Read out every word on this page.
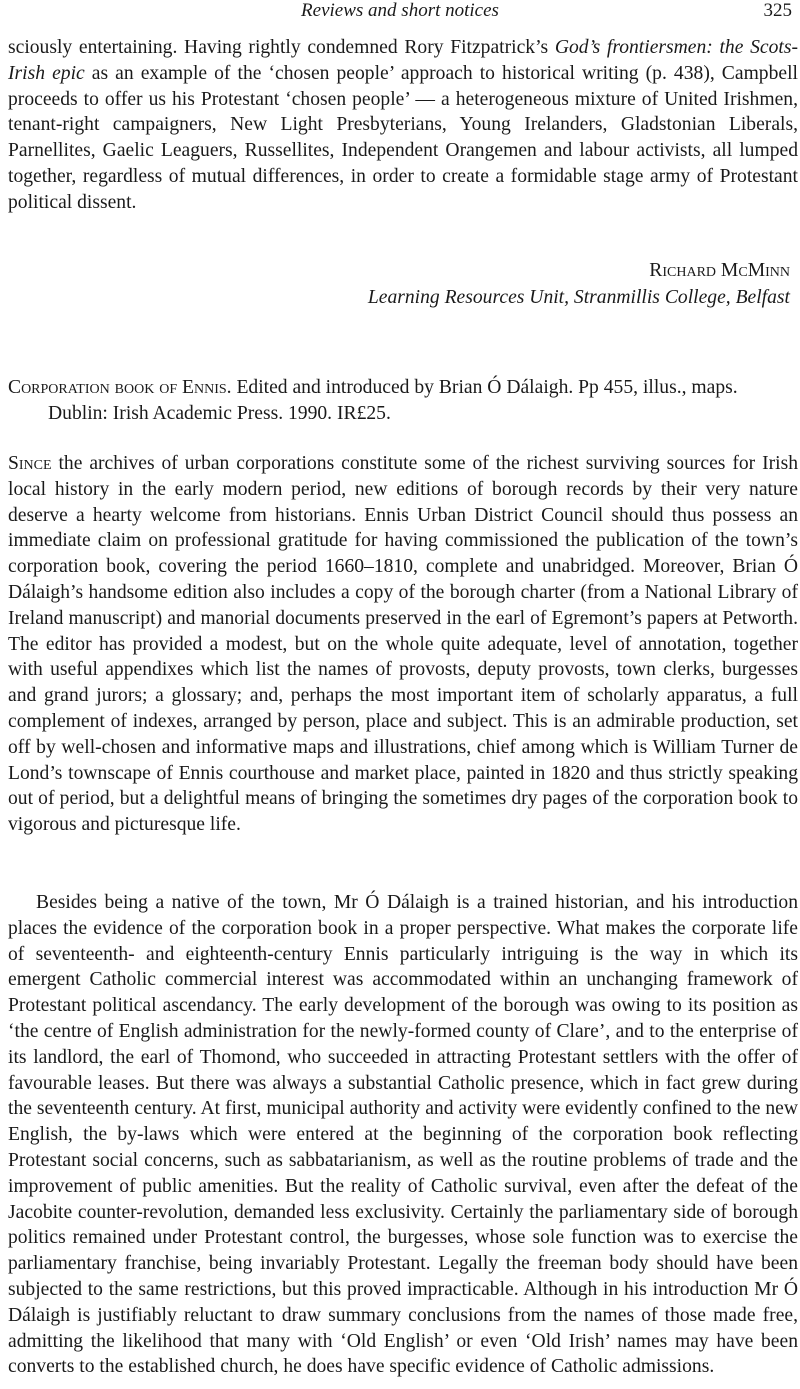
Reviews and short notices	325

sciously entertaining. Having rightly condemned Rory Fitzpatrick’s God’s frontiersmen: the Scots-Irish epic as an example of the ‘chosen people’ approach to historical writing (p. 438), Campbell proceeds to offer us his Protestant ‘chosen people’ — a heterogeneous mixture of United Irishmen, tenant-right campaigners, New Light Presbyterians, Young Irelanders, Gladstonian Liberals, Parnellites, Gaelic Leaguers, Russellites, Independent Orangemen and labour activists, all lumped together, regardless of mutual differences, in order to create a formidable stage army of Protestant political dissent.

Richard McMinn
Learning Resources Unit, Stranmillis College, Belfast

Corporation book of Ennis. Edited and introduced by Brian Ó Dálaigh. Pp 455, illus., maps. Dublin: Irish Academic Press. 1990. IR£25.

Since the archives of urban corporations constitute some of the richest surviving sources for Irish local history in the early modern period, new editions of borough records by their very nature deserve a hearty welcome from historians. Ennis Urban District Council should thus possess an immediate claim on professional gratitude for having commissioned the publication of the town’s corporation book, covering the period 1660–1810, complete and unabridged. Moreover, Brian Ó Dálaigh’s handsome edition also includes a copy of the borough charter (from a National Library of Ireland manuscript) and manorial documents preserved in the earl of Egremont’s papers at Petworth. The editor has provided a modest, but on the whole quite adequate, level of annotation, together with useful appendixes which list the names of provosts, deputy provosts, town clerks, burgesses and grand jurors; a glossary; and, perhaps the most important item of scholarly apparatus, a full complement of indexes, arranged by person, place and subject. This is an admirable production, set off by well-chosen and informative maps and illustrations, chief among which is William Turner de Lond’s townscape of Ennis courthouse and market place, painted in 1820 and thus strictly speaking out of period, but a delightful means of bringing the sometimes dry pages of the corporation book to vigorous and picturesque life.

Besides being a native of the town, Mr Ó Dálaigh is a trained historian, and his introduction places the evidence of the corporation book in a proper perspective. What makes the corporate life of seventeenth- and eighteenth-century Ennis particularly intriguing is the way in which its emergent Catholic commercial interest was accommodated within an unchanging framework of Protestant political ascendancy. The early development of the borough was owing to its position as ‘the centre of English administration for the newly-formed county of Clare’, and to the enterprise of its landlord, the earl of Thomond, who succeeded in attracting Protestant settlers with the offer of favourable leases. But there was always a substantial Catholic presence, which in fact grew during the seventeenth century. At first, municipal authority and activity were evidently confined to the new English, the by-laws which were entered at the beginning of the corporation book reflecting Protestant social concerns, such as sabbatarianism, as well as the routine problems of trade and the improvement of public amenities. But the reality of Catholic survival, even after the defeat of the Jacobite counter-revolution, demanded less exclusivity. Certainly the parliamentary side of borough politics remained under Protestant control, the burgesses, whose sole function was to exercise the parliamentary franchise, being invariably Protestant. Legally the freeman body should have been subjected to the same restrictions, but this proved impracticable. Although in his introduction Mr Ó Dálaigh is justifiably reluctant to draw summary conclusions from the names of those made free, admitting the likelihood that many with ‘Old English’ or even ‘Old Irish’ names may have been converts to the established church, he does have specific evidence of Catholic admissions.
